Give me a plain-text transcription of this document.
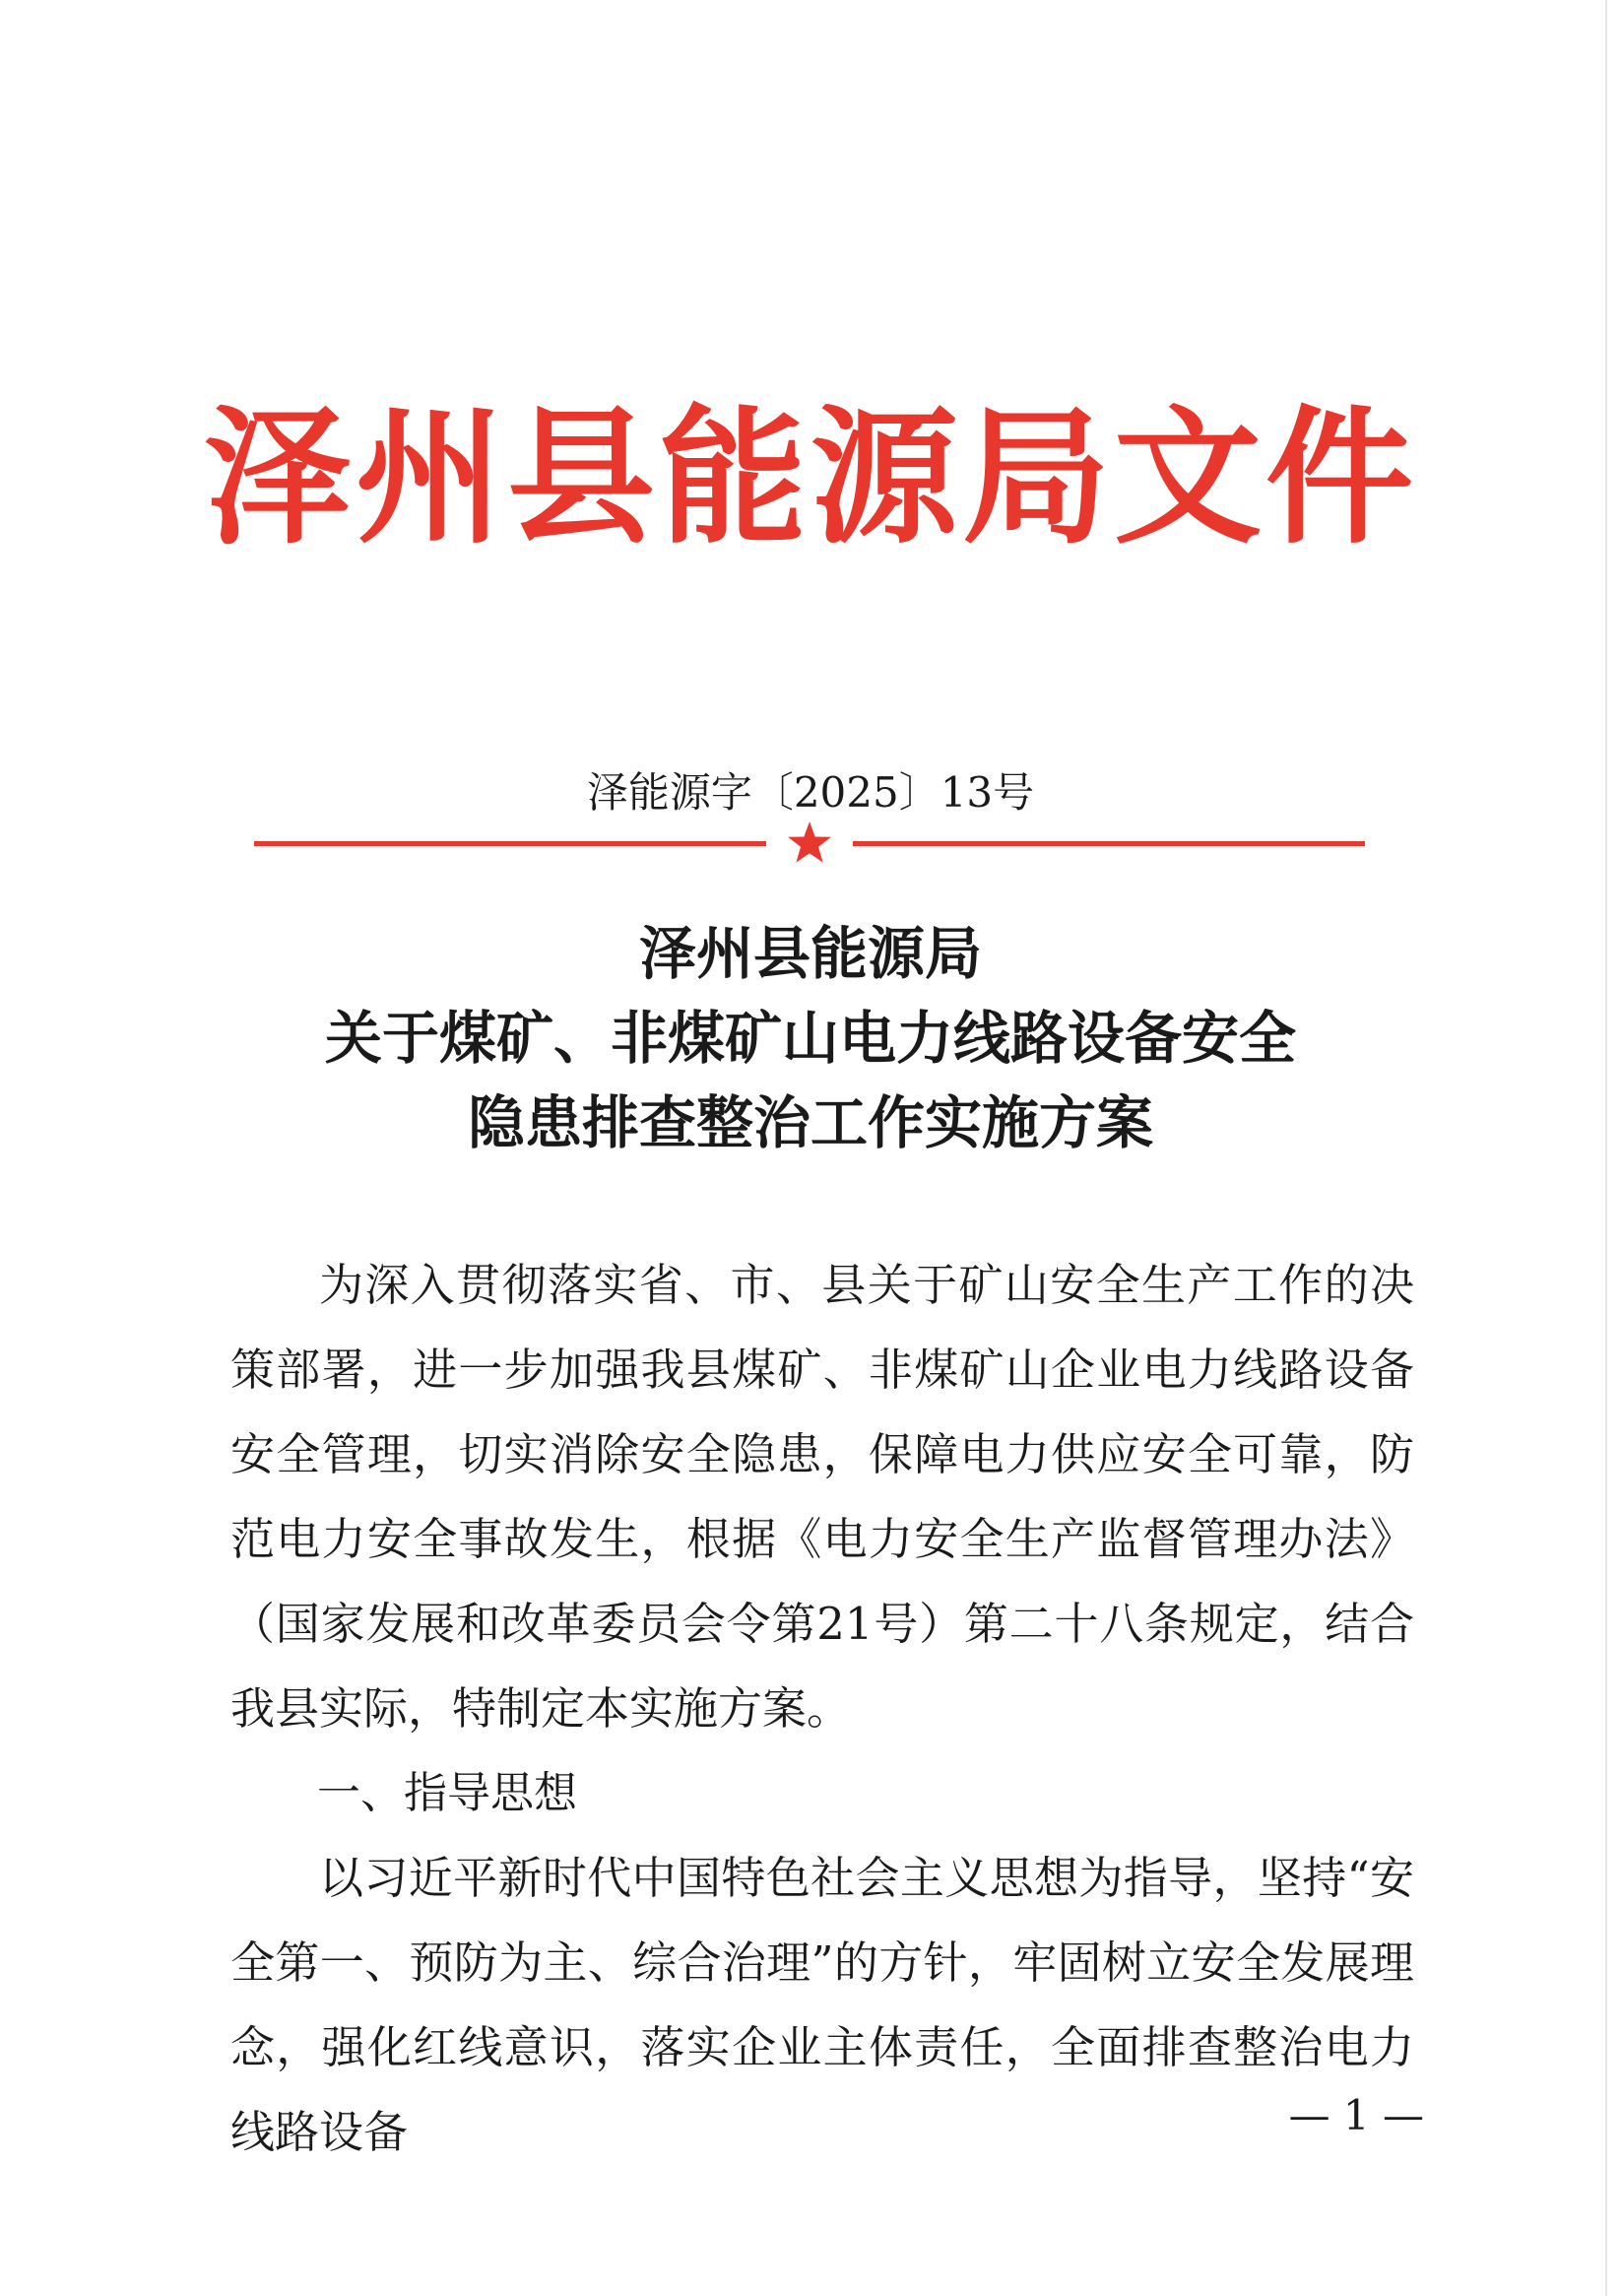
泽州县能源局文件
泽能源字〔2025〕13号
泽州县能源局
关于煤矿、非煤矿山电力线路设备安全
隐患排查整治工作实施方案

为深入贯彻落实省、市、县关于矿山安全生产工作的决策部署，进一步加强我县煤矿、非煤矿山企业电力线路设备安全管理，切实消除安全隐患，保障电力供应安全可靠，防范电力安全事故发生，根据《电力安全生产监督管理办法》（国家发展和改革委员会令第21号）第二十八条规定，结合我县实际，特制定本实施方案。

一、指导思想

以习近平新时代中国特色社会主义思想为指导，坚持“安全第一、预防为主、综合治理”的方针，牢固树立安全发展理念，强化红线意识，落实企业主体责任，全面排查整治电力线路设备	— 1 —
